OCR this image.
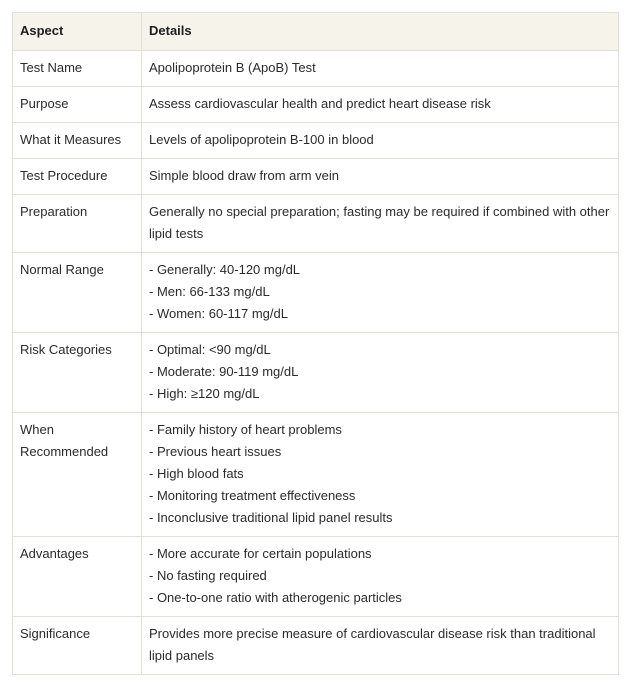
Aspect	Details
Test Name	Apolipoprotein B (ApoB) Test

Purpose	Assess cardiovascular health and predict heart disease risk

What it Measures	Levels of apolipoprotein B-100 in blood

Test Procedure	Simple blood draw from arm vein

Preparation	Generally no special preparation; fasting may be required if combined with other lipid tests

Normal Range	- Generally: 40-120 mg/dL
- Men: 66-133 mg/dL
- Women: 60-117 mg/dL

Risk Categories	- Optimal: <90 mg/dL
- Moderate: 90-119 mg/dL
- High: ≥120 mg/dL

When Recommended	- Family history of heart problems
- Previous heart issues
- High blood fats
- Monitoring treatment effectiveness
- Inconclusive traditional lipid panel results

Advantages	- More accurate for certain populations
- No fasting required
- One-to-one ratio with atherogenic particles

Significance	Provides more precise measure of cardiovascular disease risk than traditional lipid panels
